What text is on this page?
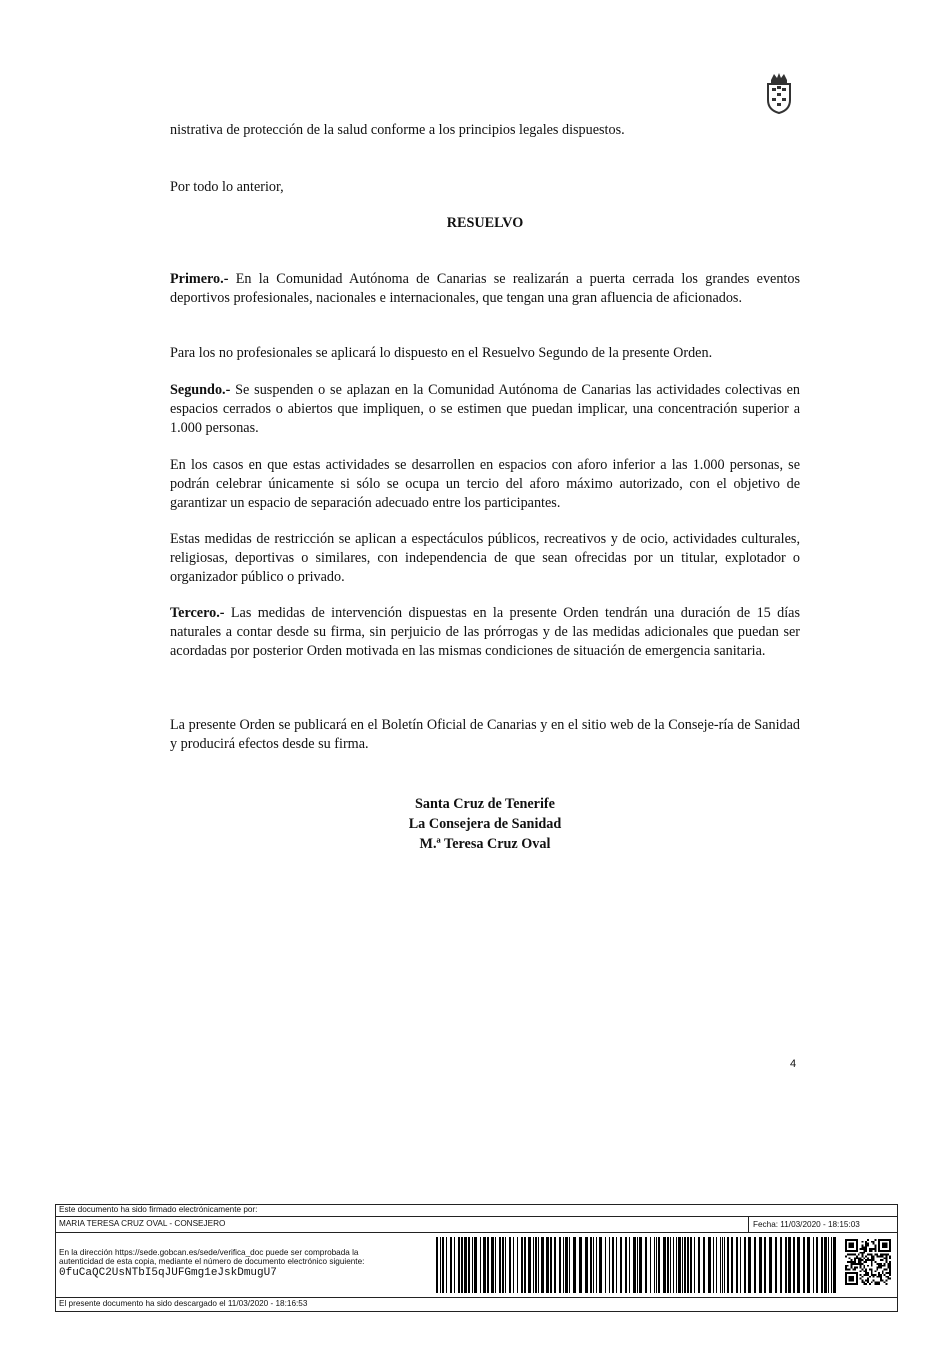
nistrativa de protección de la salud conforme a los principios legales dispuestos.
Por todo lo anterior,
RESUELVO
Primero.- En la Comunidad Autónoma de Canarias se realizarán a puerta cerrada los grandes eventos deportivos profesionales, nacionales e internacionales, que tengan una gran afluencia de aficionados.
Para los no profesionales se aplicará lo dispuesto en el Resuelvo Segundo de la presente Orden.
Segundo.- Se suspenden o se aplazan en la Comunidad Autónoma de Canarias las actividades colectivas en espacios cerrados o abiertos que impliquen, o se estimen que puedan implicar, una concentración superior a 1.000 personas.
En los casos en que estas actividades se desarrollen en espacios con aforo inferior a las 1.000 personas, se podrán celebrar únicamente si sólo se ocupa un tercio del aforo máximo autorizado, con el objetivo de garantizar un espacio de separación adecuado entre los participantes.
Estas medidas de restricción se aplican a espectáculos públicos, recreativos y de ocio, actividades culturales, religiosas, deportivas o similares, con independencia de que sean ofrecidas por un titular, explotador o organizador público o privado.
Tercero.- Las medidas de intervención dispuestas en la presente Orden tendrán una duración de 15 días naturales a contar desde su firma, sin perjuicio de las prórrogas y de las medidas adicionales que puedan ser acordadas por posterior Orden motivada en las mismas condiciones de situación de emergencia sanitaria.
La presente Orden se publicará en el Boletín Oficial de Canarias y en el sitio web de la Conseje-ría de Sanidad y producirá efectos desde su firma.
Santa Cruz de Tenerife
La Consejera de Sanidad
M.ª Teresa Cruz Oval
4
Este documento ha sido firmado electrónicamente por:
MARIA TERESA CRUZ OVAL - CONSEJERO	Fecha: 11/03/2020 - 18:15:03
En la dirección https://sede.gobcan.es/sede/verifica_doc puede ser comprobada la
autenticidad de esta copia, mediante el número de documento electrónico siguiente:
0fuCaQC2UsNTbI5qJUFGmg1eJskDmugU7
El presente documento ha sido descargado el 11/03/2020 - 18:16:53
